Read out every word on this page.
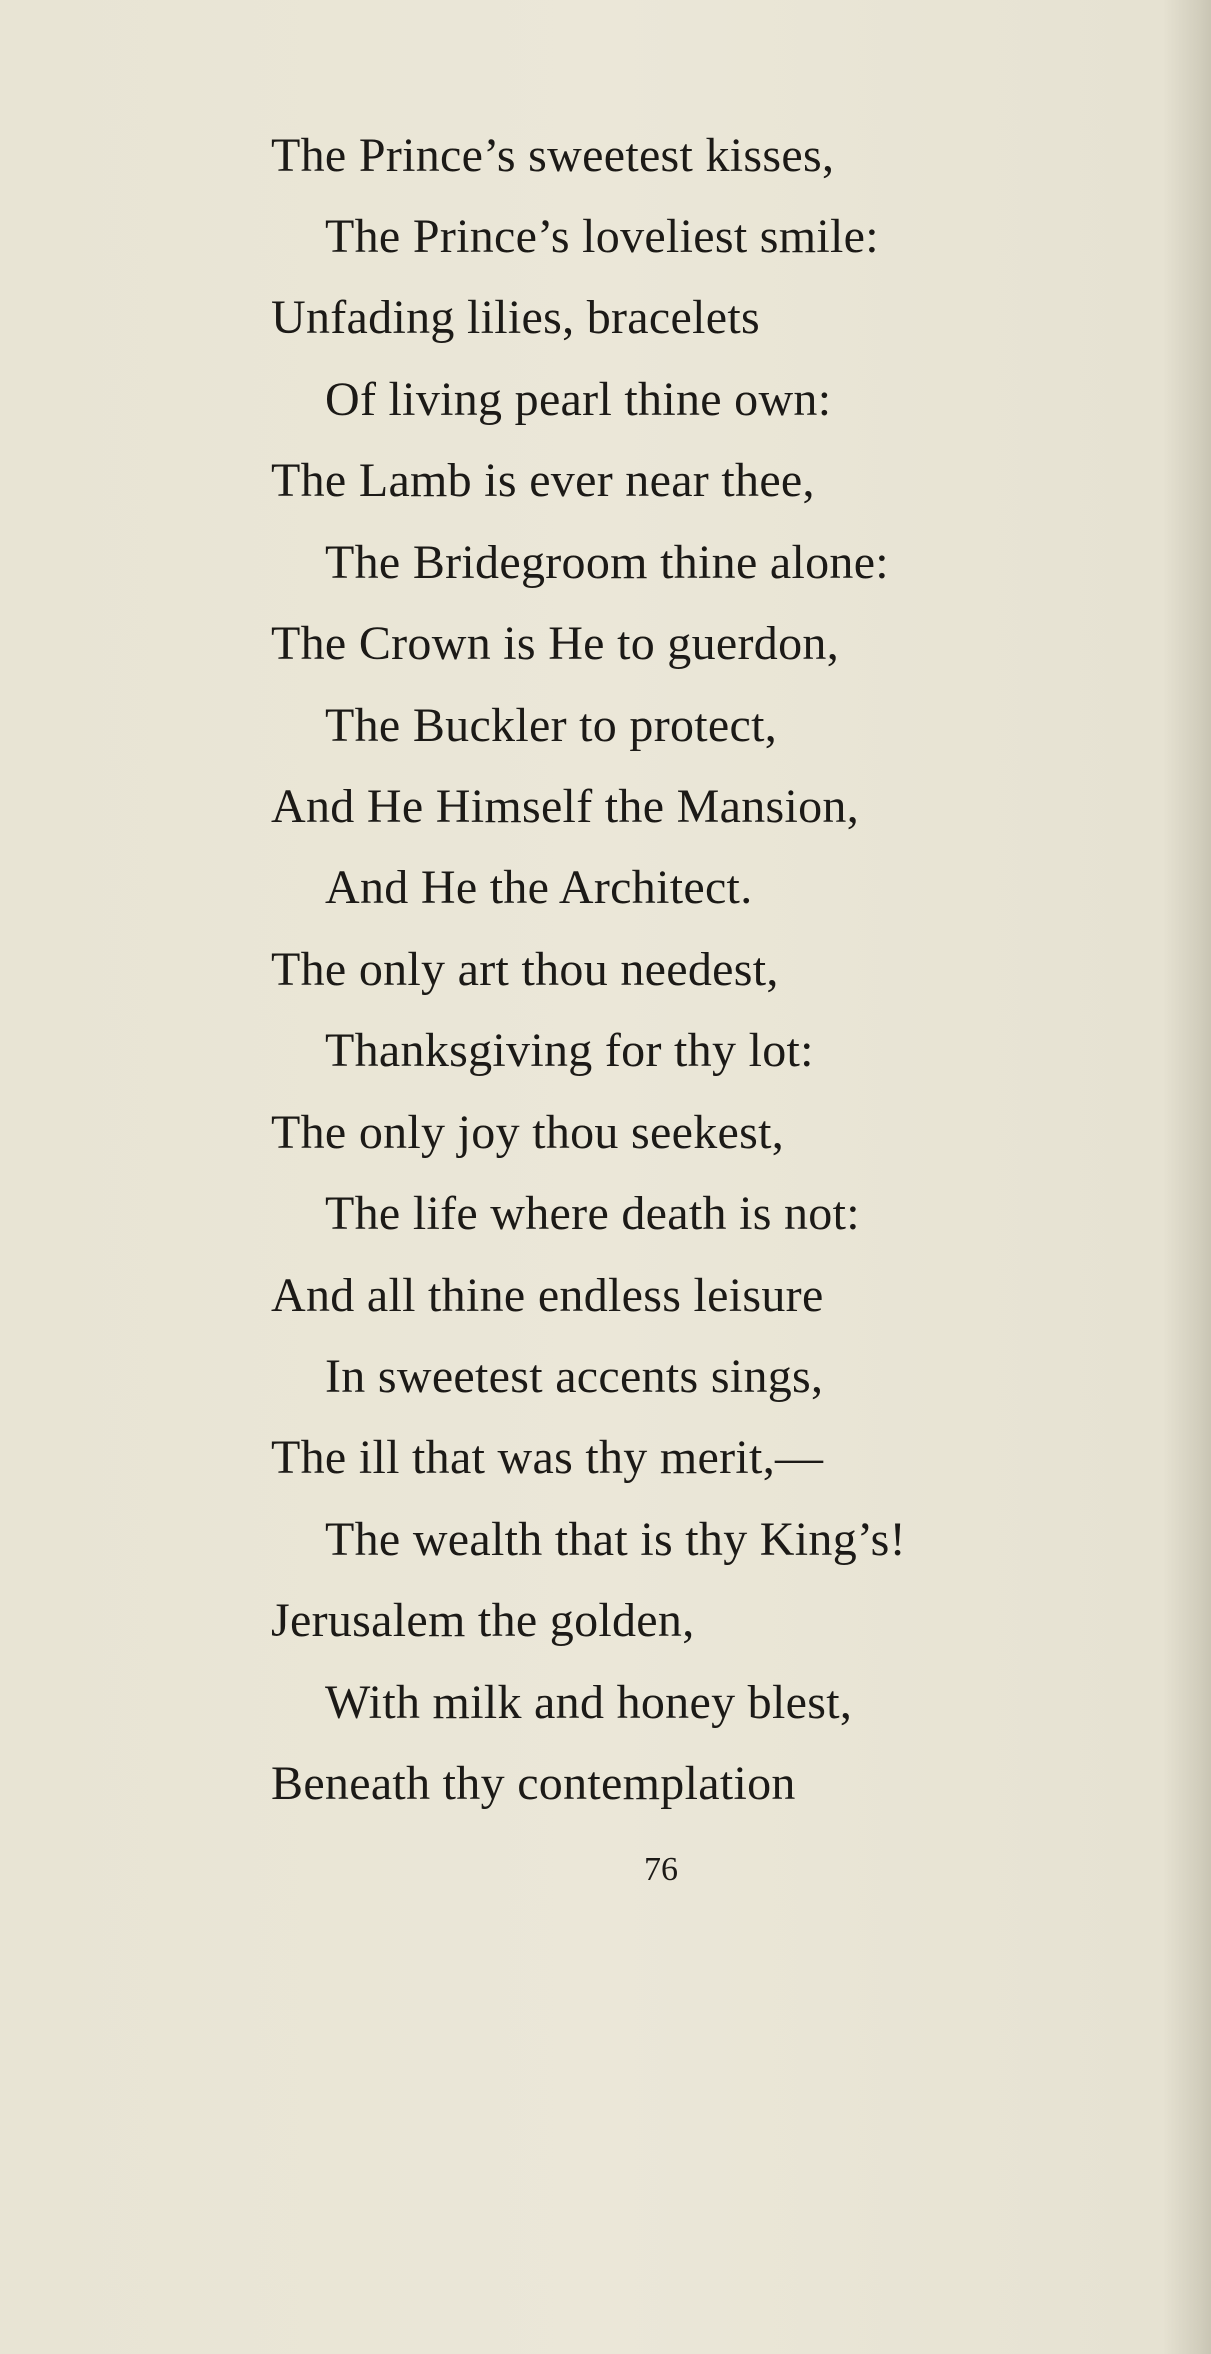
The Prince’s sweetest kisses,
The Prince’s loveliest smile:
Unfading lilies, bracelets
Of living pearl thine own:
The Lamb is ever near thee,
The Bridegroom thine alone:
The Crown is He to guerdon,
The Buckler to protect,
And He Himself the Mansion,
And He the Architect.
The only art thou needest,
Thanksgiving for thy lot:
The only joy thou seekest,
The life where death is not:
And all thine endless leisure
In sweetest accents sings,
The ill that was thy merit,—
The wealth that is thy King’s!
Jerusalem the golden,
With milk and honey blest,
Beneath thy contemplation
76
